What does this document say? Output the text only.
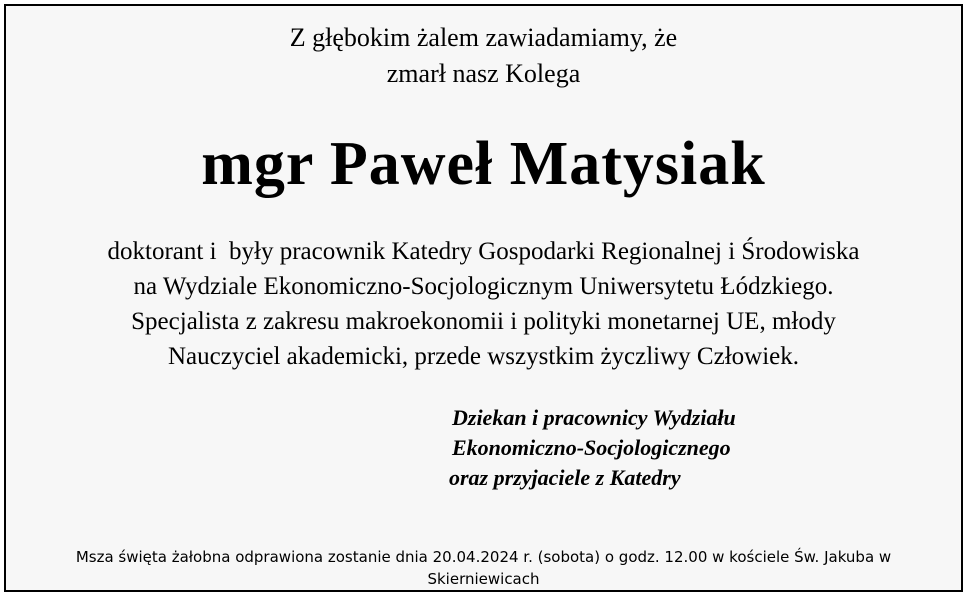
Z głębokim żalem zawiadamiamy, że
zmarł nasz Kolega
mgr Paweł Matysiak
doktorant i  były pracownik Katedry Gospodarki Regionalnej i Środowiska
na Wydziale Ekonomiczno-Socjologicznym Uniwersytetu Łódzkiego.
Specjalista z zakresu makroekonomii i polityki monetarnej UE, młody
Nauczyciel akademicki, przede wszystkim życzliwy Człowiek.
Dziekan i pracownicy Wydziału
Ekonomiczno-Socjologicznego
oraz przyjaciele z Katedry
Msza święta żałobna odprawiona zostanie dnia 20.04.2024 r. (sobota) o godz. 12.00 w kościele Św. Jakuba w
Skierniewicach
